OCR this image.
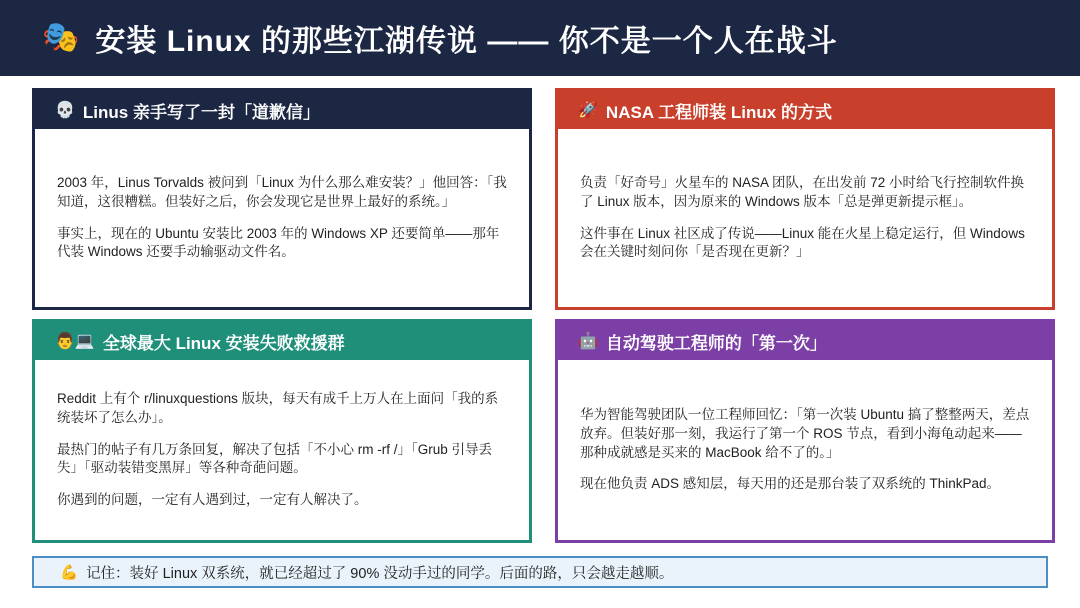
🎭 安装 Linux 的那些江湖传说 —— 你不是一个人在战斗
💀 Linus 亲手写了一封「道歉信」

2003 年，Linus Torvalds 被问到「Linux 为什么那么难安装？」他回答：「我知道，这很糟糕。但装好之后，你会发现它是世界上最好的系统。」

事实上，现在的 Ubuntu 安装比 2003 年的 Windows XP 还要简单——那年代装 Windows 还要手动输驱动文件名。

🚀 NASA 工程师装 Linux 的方式

负责「好奇号」火星车的 NASA 团队，在出发前 72 小时给飞行控制软件换了 Linux 版本，因为原来的 Windows 版本「总是弹更新提示框」。

这件事在 Linux 社区成了传说——Linux 能在火星上稳定运行，但 Windows 会在关键时刻问你「是否现在更新？」

👨💻 全球最大 Linux 安装失败救援群

Reddit 上有个 r/linuxquestions 版块，每天有成千上万人在上面问「我的系统装坏了怎么办」。

最热门的帖子有几万条回复，解决了包括「不小心 rm -rf /」「Grub 引导丢失」「驱动装错变黑屏」等各种奇葩问题。

你遇到的问题，一定有人遇到过，一定有人解决了。

🤖 自动驾驶工程师的「第一次」

华为智能驾驶团队一位工程师回忆：「第一次装 Ubuntu 搞了整整两天，差点放弃。但装好那一刻，我运行了第一个 ROS 节点，看到小海龟动起来——那种成就感是买来的 MacBook 给不了的。」

现在他负责 ADS 感知层，每天用的还是那台装了双系统的 ThinkPad。

💪 记住：装好 Linux 双系统，就已经超过了 90% 没动手过的同学。后面的路，只会越走越顺。
